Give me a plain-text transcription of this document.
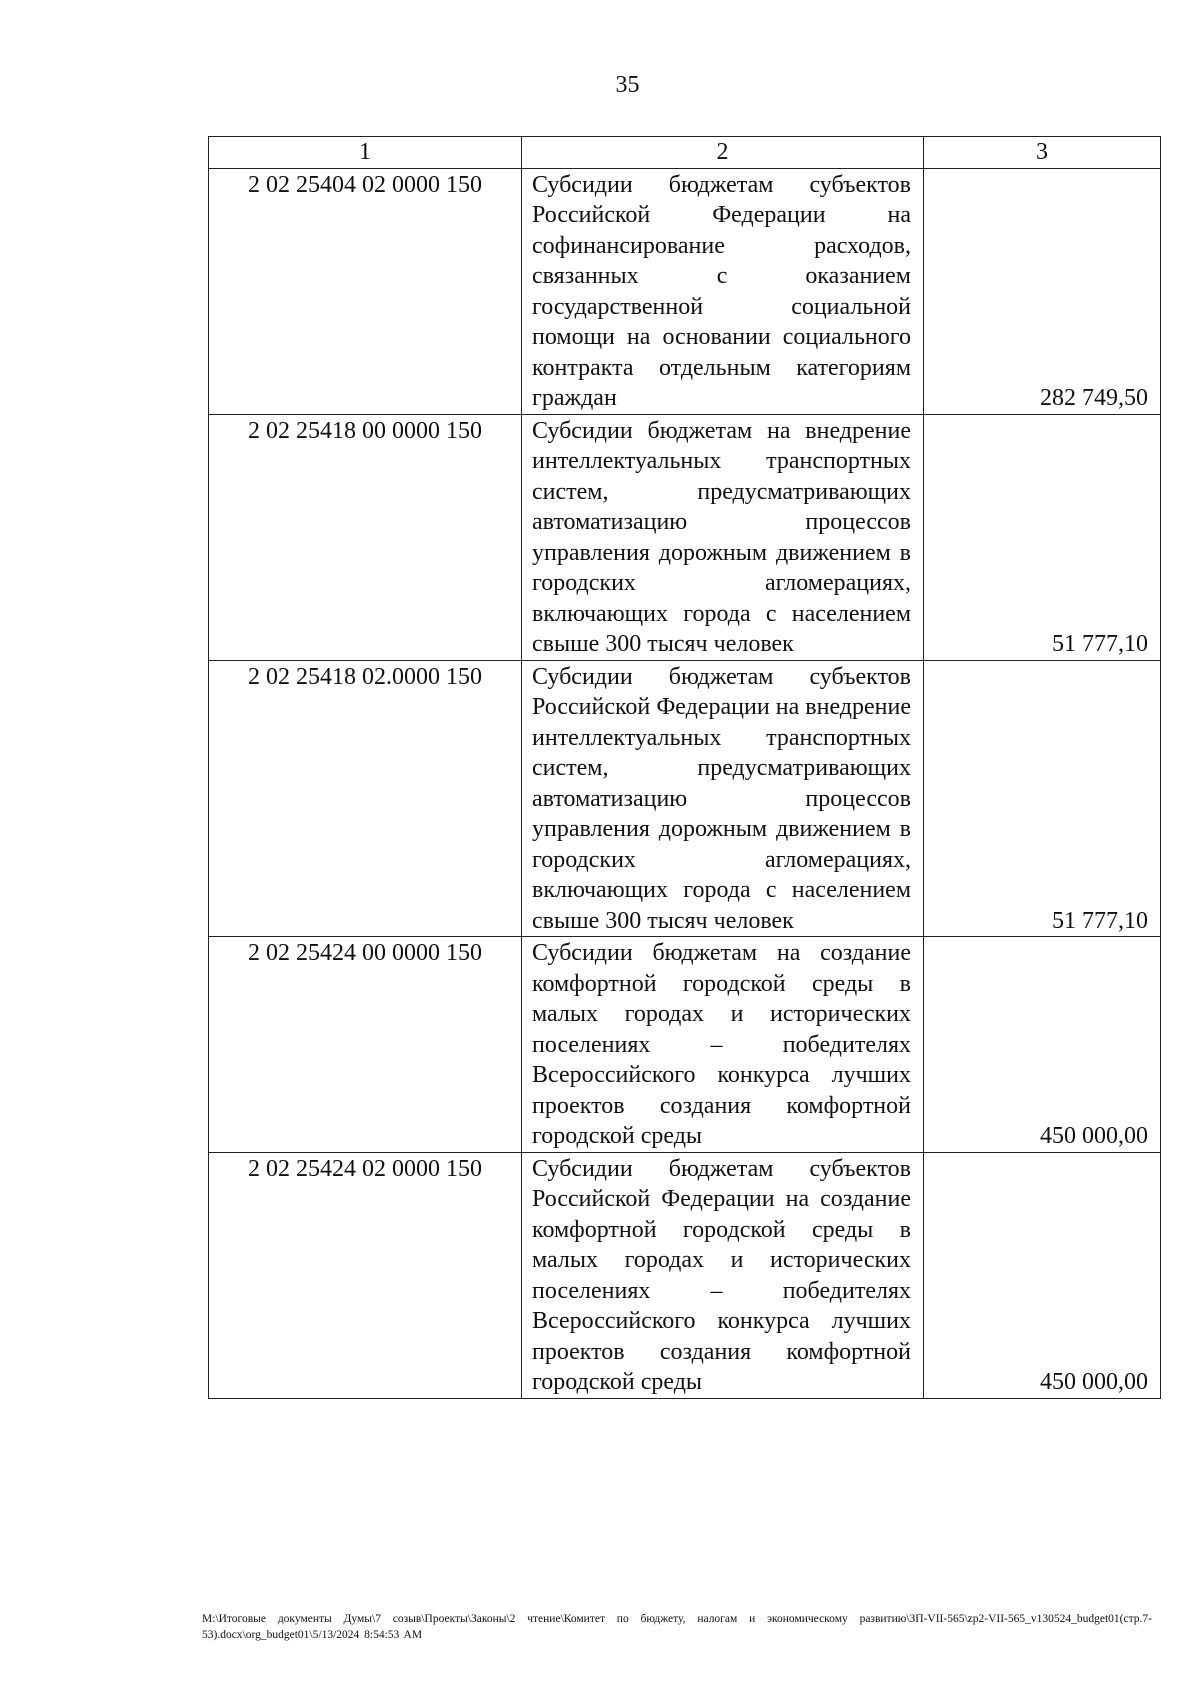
35
1	2	3
2 02 25404 02 0000 150	Субсидии бюджетам субъектов Российской Федерации на софинансирование расходов, связанных с оказанием государственной социальной помощи на основании социального контракта отдельным категориям граждан	282 749,50
2 02 25418 00 0000 150	Субсидии бюджетам на внедрение интеллектуальных транспортных систем, предусматривающих автоматизацию процессов управления дорожным движением в городских агломерациях, включающих города с населением свыше 300 тысяч человек	51 777,10
2 02 25418 02.0000 150	Субсидии бюджетам субъектов Российской Федерации на внедрение интеллектуальных транспортных систем, предусматривающих автоматизацию процессов управления дорожным движением в городских агломерациях, включающих города с населением свыше 300 тысяч человек	51 777,10
2 02 25424 00 0000 150	Субсидии бюджетам на создание комфортной городской среды в малых городах и исторических поселениях – победителях Всероссийского конкурса лучших проектов создания комфортной городской среды	450 000,00
2 02 25424 02 0000 150	Субсидии бюджетам субъектов Российской Федерации на создание комфортной городской среды в малых городах и исторических поселениях – победителях Всероссийского конкурса лучших проектов создания комфортной городской среды	450 000,00
M:\Итоговые документы Думы\7 созыв\Проекты\Законы\2 чтение\Комитет по бюджету, налогам и экономическому развитию\ЗП-VII-565\zp2-VII-565_v130524_budget01(стр.7-53).docx\org_budget01\5/13/2024 8:54:53 AM
